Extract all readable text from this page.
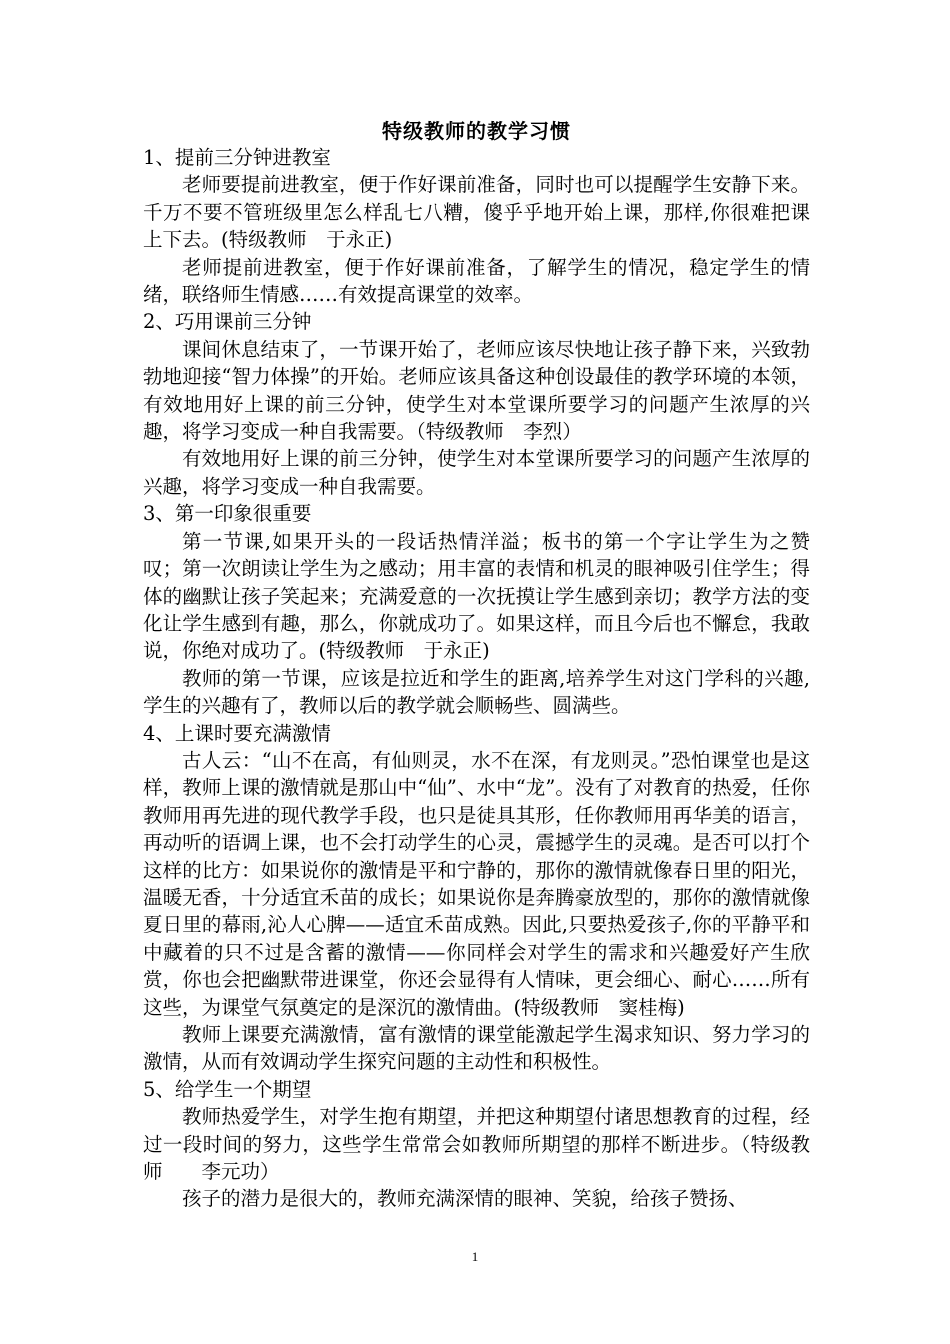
特级教师的教学习惯

1、提前三分钟进教室

老师要提前进教室，便于作好课前准备，同时也可以提醒学生安静下来。千万不要不管班级里怎么样乱七八糟，傻乎乎地开始上课，那样,你很难把课上下去。(特级教师　于永正)

老师提前进教室，便于作好课前准备，了解学生的情况，稳定学生的情绪，联络师生情感……有效提高课堂的效率。

2、巧用课前三分钟

课间休息结束了，一节课开始了，老师应该尽快地让孩子静下来，兴致勃勃地迎接“智力体操”的开始。老师应该具备这种创设最佳的教学环境的本领，有效地用好上课的前三分钟，使学生对本堂课所要学习的问题产生浓厚的兴趣，将学习变成一种自我需要。（特级教师　李烈）

有效地用好上课的前三分钟，使学生对本堂课所要学习的问题产生浓厚的兴趣，将学习变成一种自我需要。

3、第一印象很重要

第一节课,如果开头的一段话热情洋溢；板书的第一个字让学生为之赞叹；第一次朗读让学生为之感动；用丰富的表情和机灵的眼神吸引住学生；得体的幽默让孩子笑起来；充满爱意的一次抚摸让学生感到亲切；教学方法的变化让学生感到有趣，那么，你就成功了。如果这样，而且今后也不懈怠，我敢说，你绝对成功了。(特级教师　于永正)

教师的第一节课，应该是拉近和学生的距离,培养学生对这门学科的兴趣,学生的兴趣有了，教师以后的教学就会顺畅些、圆满些。

4、上课时要充满激情

古人云：“山不在高，有仙则灵，水不在深，有龙则灵。”恐怕课堂也是这样，教师上课的激情就是那山中“仙”、水中“龙”。没有了对教育的热爱，任你教师用再先进的现代教学手段，也只是徒具其形，任你教师用再华美的语言，再动听的语调上课，也不会打动学生的心灵，震撼学生的灵魂。是否可以打个这样的比方：如果说你的激情是平和宁静的，那你的激情就像春日里的阳光，温暖无香，十分适宜禾苗的成长；如果说你是奔腾豪放型的，那你的激情就像夏日里的幕雨,沁人心脾——适宜禾苗成熟。因此,只要热爱孩子,你的平静平和中藏着的只不过是含蓄的激情——你同样会对学生的需求和兴趣爱好产生欣赏，你也会把幽默带进课堂，你还会显得有人情味，更会细心、耐心……所有这些，为课堂气氛奠定的是深沉的激情曲。(特级教师　窦桂梅)

教师上课要充满激情，富有激情的课堂能激起学生渴求知识、努力学习的激情，从而有效调动学生探究问题的主动性和积极性。

5、给学生一个期望

教师热爱学生，对学生抱有期望，并把这种期望付诸思想教育的过程，经过一段时间的努力，这些学生常常会如教师所期望的那样不断进步。（特级教师　　李元功）

孩子的潜力是很大的，教师充满深情的眼神、笑貌，给孩子赞扬、

1
